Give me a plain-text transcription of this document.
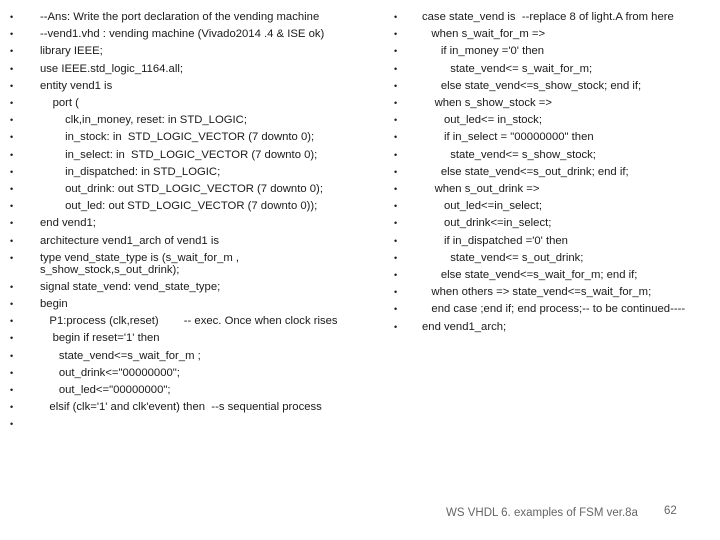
•	--Ans: Write the port declaration of the vending machine
•	--vend1.vhd : vending machine (Vivado2014 .4 & ISE ok)
•	library IEEE;
•	use IEEE.std_logic_1164.all;
•	entity vend1 is
•	port (
•	clk,in_money, reset: in STD_LOGIC;
•	in_stock: in  STD_LOGIC_VECTOR (7 downto 0);
•	in_select: in  STD_LOGIC_VECTOR (7 downto 0);
•	in_dispatched: in STD_LOGIC;
•	out_drink: out STD_LOGIC_VECTOR (7 downto 0);
•	out_led: out STD_LOGIC_VECTOR (7 downto 0));
•	end vend1;
•	architecture vend1_arch of vend1 is
•	type vend_state_type is (s_wait_for_m ,
s_show_stock,s_out_drink);
•	signal state_vend: vend_state_type;
•	begin
•	P1:process (clk,reset)        -- exec. Once when clock rises
•	begin if reset='1' then
•	state_vend<=s_wait_for_m ;
•	out_drink<="00000000";
•	out_led<="00000000";
•	elsif (clk='1' and clk'event) then  --s sequential process
•
•	case state_vend is  --replace 8 of light.A from here
•	when s_wait_for_m =>
•	if in_money ='0' then
•	state_vend<= s_wait_for_m;
•	else state_vend<=s_show_stock; end if;
•	when s_show_stock =>
•	out_led<= in_stock;
•	if in_select = "00000000" then
•	state_vend<= s_show_stock;
•	else state_vend<=s_out_drink; end if;
•	when s_out_drink =>
•	out_led<=in_select;
•	out_drink<=in_select;
•	if in_dispatched ='0' then
•	state_vend<= s_out_drink;
•	else state_vend<=s_wait_for_m; end if;
•	when others => state_vend<=s_wait_for_m;
•	end case ;end if; end process;-- to be continued----
•	end vend1_arch;
WS VHDL 6. examples of FSM ver.8a 62
